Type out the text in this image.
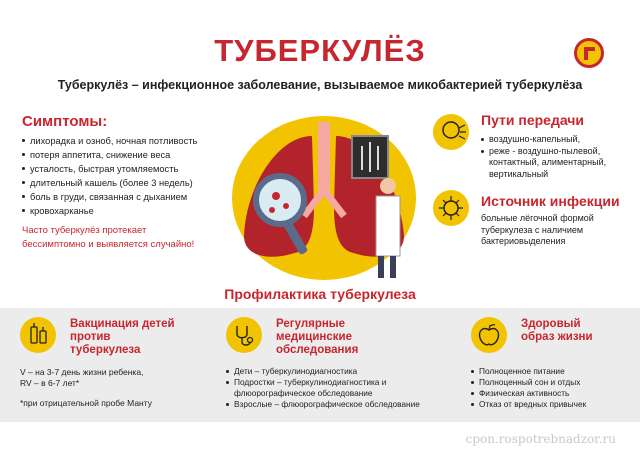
ТУБЕРКУЛЁЗ
Туберкулёз – инфекционное заболевание, вызываемое микобактерией туберкулёза
Симптомы:
лихорадка и озноб, ночная потливость
потеря аппетита, снижение веса
усталость, быстрая утомляемость
длительный кашель (более 3 недель)
боль в груди, связанная с дыханием
кровохарканье
Часто туберкулёз протекает
бессимптомно и выявляется случайно!
Пути передачи
воздушно-капельный,
реже - воздушно-пылевой, контактный, алиментарный, вертикальный
Источник инфекции
больные лёгочной формой туберкулеза с наличием бактериовыделения
Профилактика туберкулеза
Вакцинация детей против туберкулеза
V – на 3-7 день жизни ребенка,
RV – в 6-7 лет*
*при отрицательной пробе Манту
Регулярные медицинские обследования
Дети – туберкулинодиагностика
Подростки – туберкулинодиагностика и флюорографическое обследование
Взрослые – флюорографическое обследование
Здоровый образ жизни
Полноценное питание
Полноценный сон и отдых
Физическая активность
Отказ от вредных привычек
cpon.rospotrebnadzor.ru
